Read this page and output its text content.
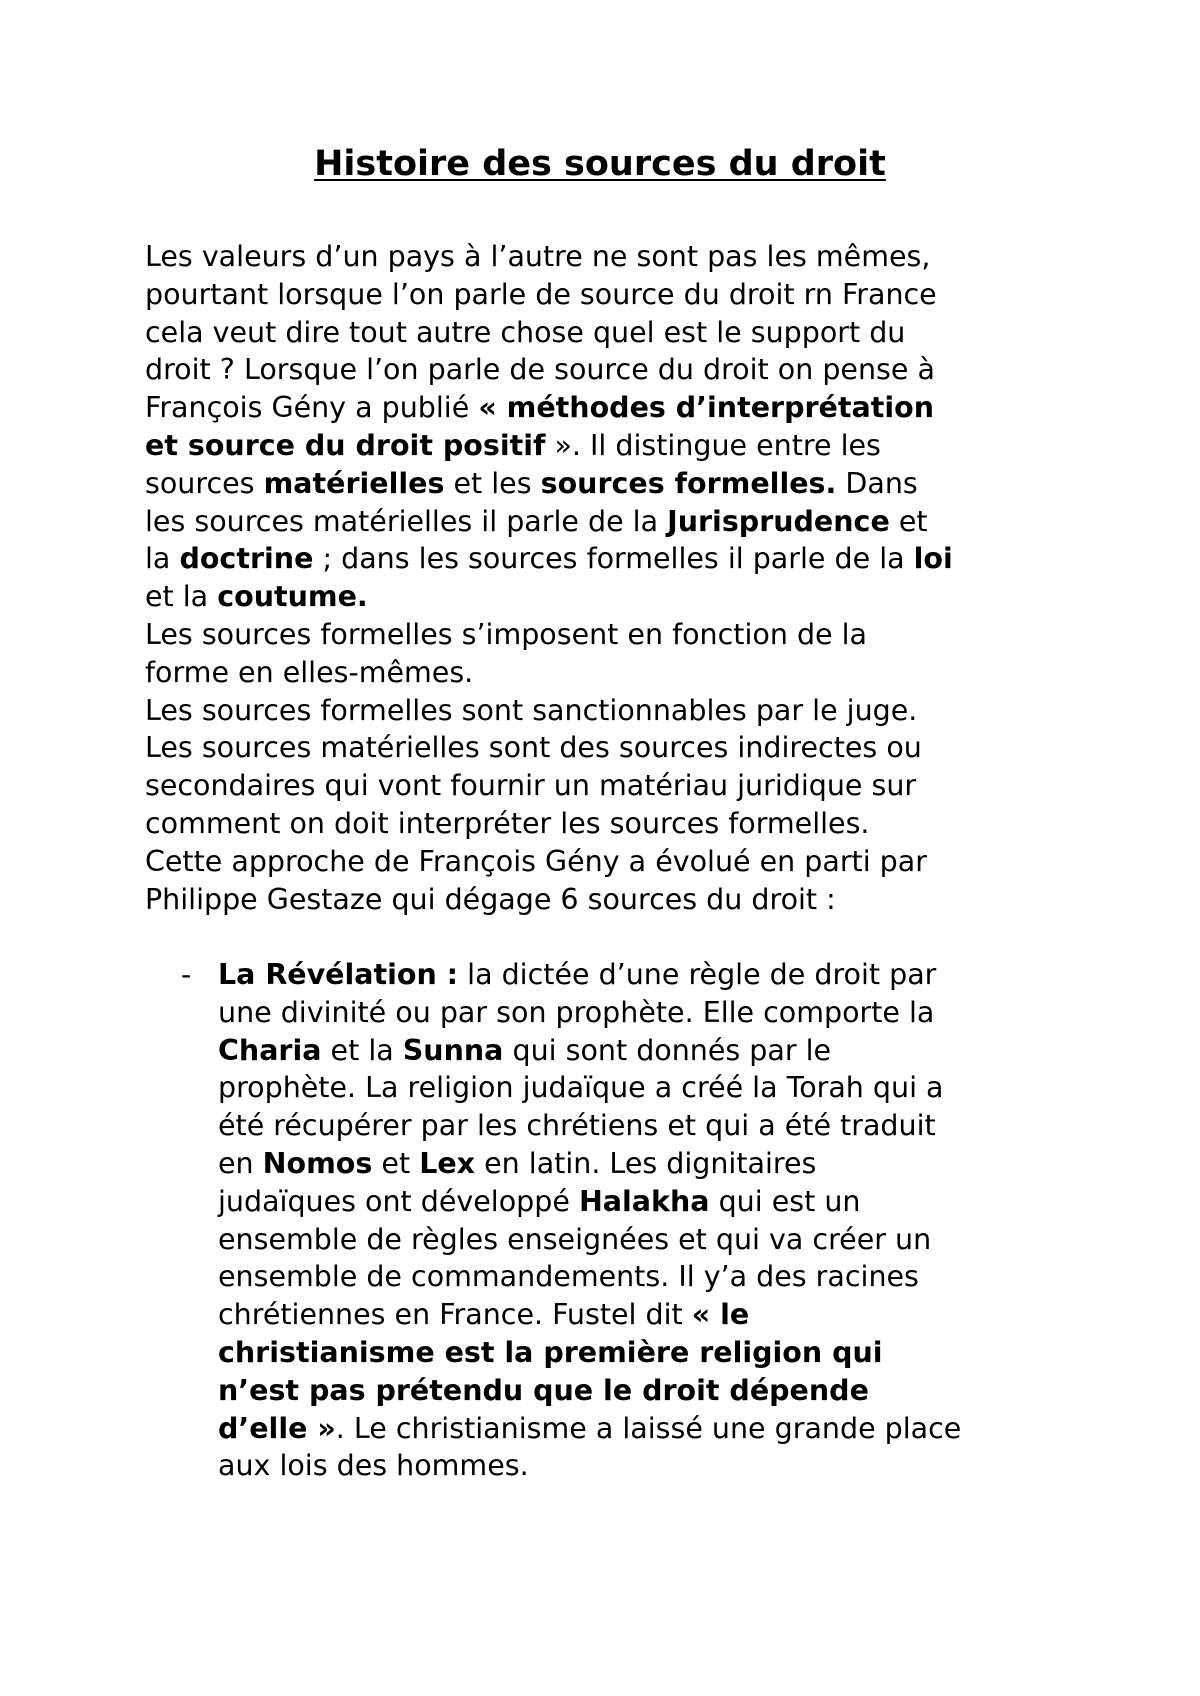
Histoire des sources du droit
Les valeurs d’un pays à l’autre ne sont pas les mêmes,
pourtant lorsque l’on parle de source du droit rn France
cela veut dire tout autre chose quel est le support du
droit ? Lorsque l’on parle de source du droit on pense à
François Gény a publié « méthodes d’interprétation
et source du droit positif ». Il distingue entre les
sources matérielles et les sources formelles. Dans
les sources matérielles il parle de la Jurisprudence et
la doctrine ; dans les sources formelles il parle de la loi
et la coutume.
Les sources formelles s’imposent en fonction de la
forme en elles-mêmes.
Les sources formelles sont sanctionnables par le juge.
Les sources matérielles sont des sources indirectes ou
secondaires qui vont fournir un matériau juridique sur
comment on doit interpréter les sources formelles.
Cette approche de François Gény a évolué en parti par
Philippe Gestaze qui dégage 6 sources du droit :
- La Révélation : la dictée d’une règle de droit par
une divinité ou par son prophète. Elle comporte la
Charia et la Sunna qui sont donnés par le
prophète. La religion judaïque a créé la Torah qui a
été récupérer par les chrétiens et qui a été traduit
en Nomos et Lex en latin. Les dignitaires
judaïques ont développé Halakha qui est un
ensemble de règles enseignées et qui va créer un
ensemble de commandements. Il y’a des racines
chrétiennes en France. Fustel dit « le
christianisme est la première religion qui
n’est pas prétendu que le droit dépende
d’elle ». Le christianisme a laissé une grande place
aux lois des hommes.
